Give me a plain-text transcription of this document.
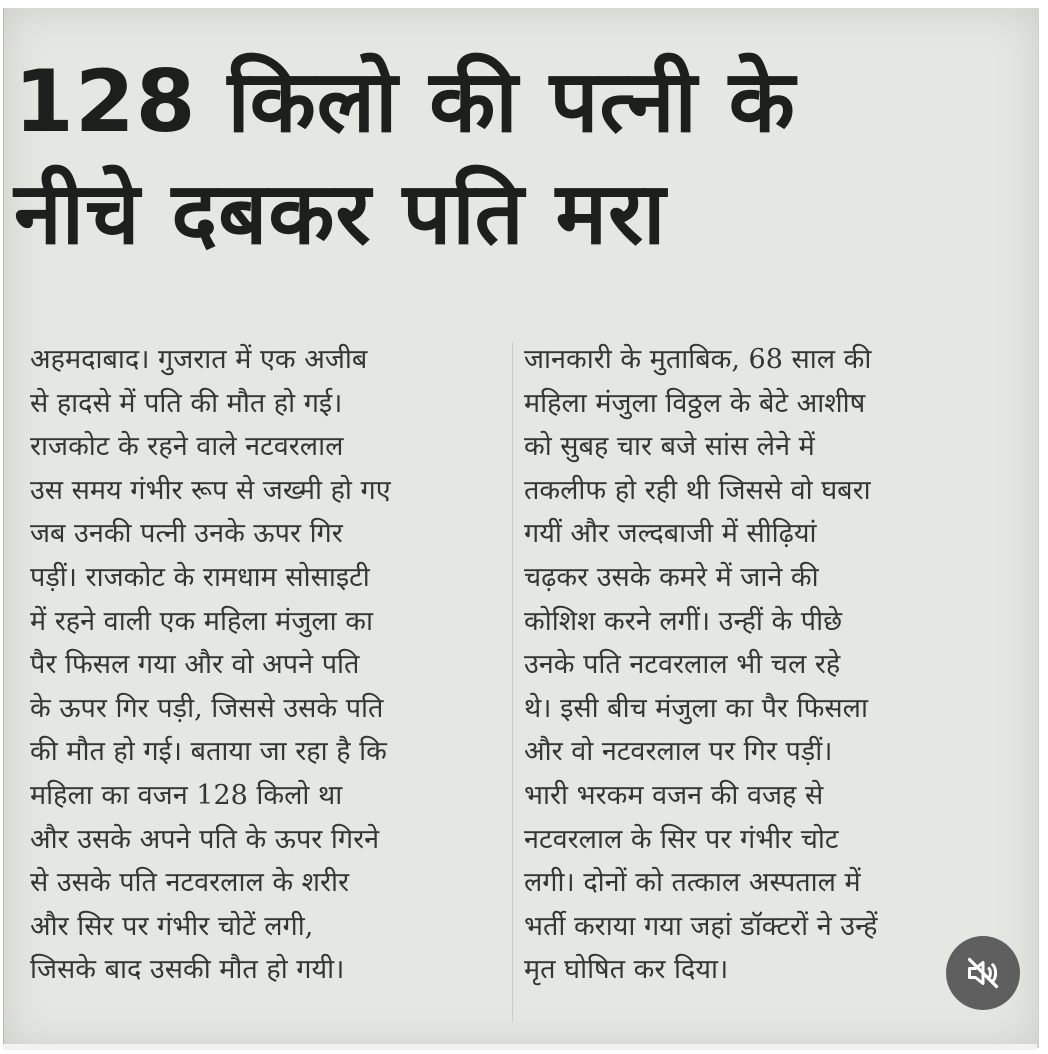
128 किलो की पत्नी के
नीचे दबकर पति मरा
अहमदाबाद। गुजरात में एक अजीब
से हादसे में पति की मौत हो गई।
राजकोट के रहने वाले नटवरलाल
उस समय गंभीर रूप से जख्मी हो गए
जब उनकी पत्नी उनके ऊपर गिर
पड़ीं। राजकोट के रामधाम सोसाइटी
में रहने वाली एक महिला मंजुला का
पैर फिसल गया और वो अपने पति
के ऊपर गिर पड़ी, जिससे उसके पति
की मौत हो गई। बताया जा रहा है कि
महिला का वजन 128 किलो था
और उसके अपने पति के ऊपर गिरने
से उसके पति नटवरलाल के शरीर
और सिर पर गंभीर चोटें लगी,
जिसके बाद उसकी मौत हो गयी।
जानकारी के मुताबिक, 68 साल की
महिला मंजुला विठ्ठल के बेटे आशीष
को सुबह चार बजे सांस लेने में
तकलीफ हो रही थी जिससे वो घबरा
गयीं और जल्दबाजी में सीढ़ियां
चढ़कर उसके कमरे में जाने की
कोशिश करने लगीं। उन्हीं के पीछे
उनके पति नटवरलाल भी चल रहे
थे। इसी बीच मंजुला का पैर फिसला
और वो नटवरलाल पर गिर पड़ीं।
भारी भरकम वजन की वजह से
नटवरलाल के सिर पर गंभीर चोट
लगी। दोनों को तत्काल अस्पताल में
भर्ती कराया गया जहां डॉक्टरों ने उन्हें
मृत घोषित कर दिया।
